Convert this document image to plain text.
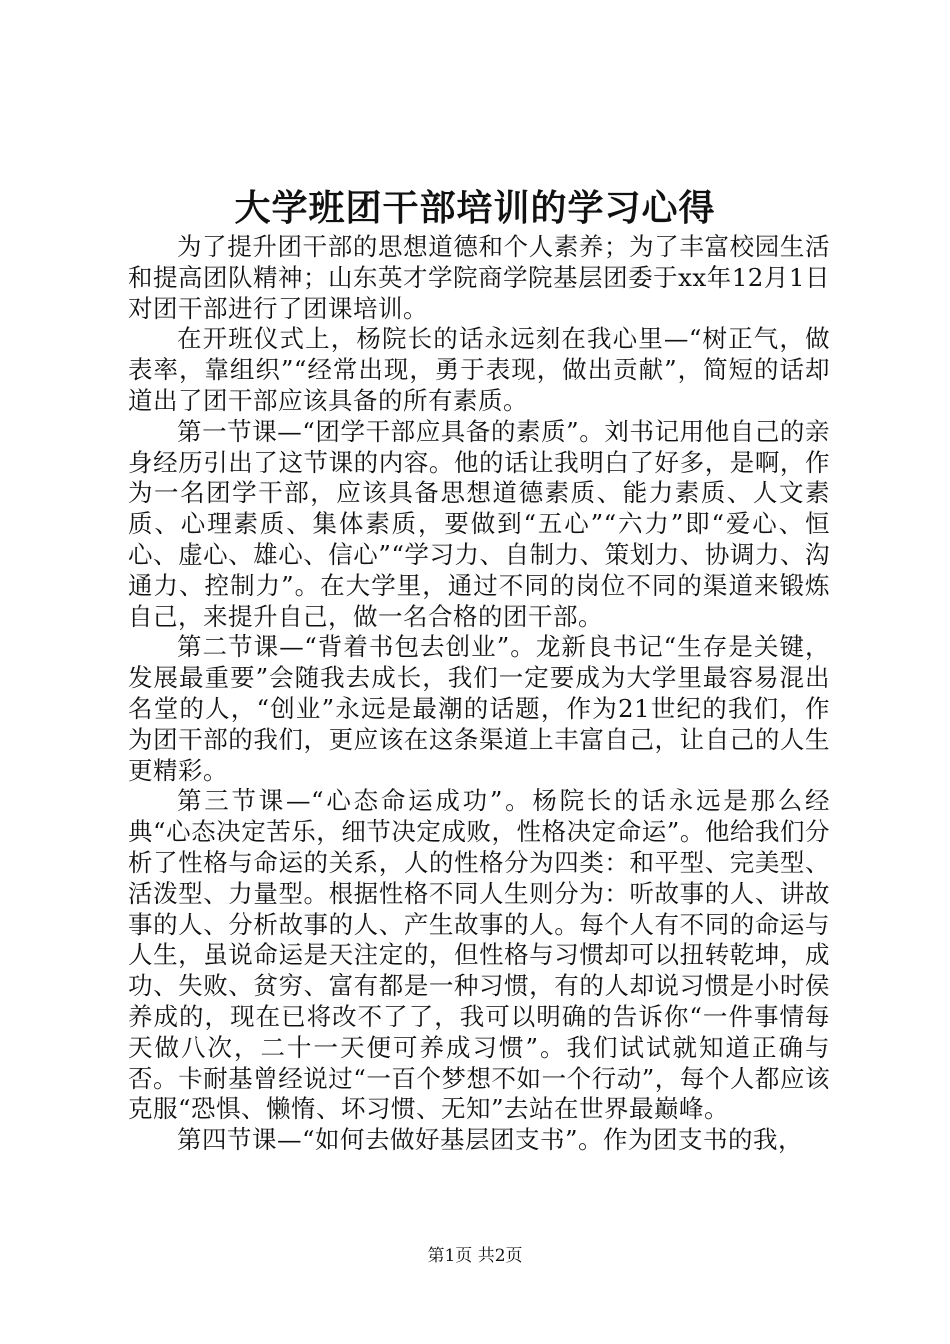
大学班团干部培训的学习心得

为了提升团干部的思想道德和个人素养；为了丰富校园生活和提高团队精神；山东英才学院商学院基层团委于xx年12月1日对团干部进行了团课培训。

在开班仪式上，杨院长的话永远刻在我心里—“树正气，做表率，靠组织”“经常出现，勇于表现，做出贡献”，简短的话却道出了团干部应该具备的所有素质。

第一节课—“团学干部应具备的素质”。刘书记用他自己的亲身经历引出了这节课的内容。他的话让我明白了好多，是啊，作为一名团学干部，应该具备思想道德素质、能力素质、人文素质、心理素质、集体素质，要做到“五心”“六力”即“爱心、恒心、虚心、雄心、信心”“学习力、自制力、策划力、协调力、沟通力、控制力”。在大学里，通过不同的岗位不同的渠道来锻炼自己，来提升自己，做一名合格的团干部。

第二节课—“背着书包去创业”。龙新良书记“生存是关键，发展最重要”会随我去成长，我们一定要成为大学里最容易混出名堂的人，“创业”永远是最潮的话题，作为21世纪的我们，作为团干部的我们，更应该在这条渠道上丰富自己，让自己的人生更精彩。

第三节课—“心态命运成功”。杨院长的话永远是那么经典“心态决定苦乐，细节决定成败，性格决定命运”。他给我们分析了性格与命运的关系，人的性格分为四类：和平型、完美型、活泼型、力量型。根据性格不同人生则分为：听故事的人、讲故事的人、分析故事的人、产生故事的人。每个人有不同的命运与人生，虽说命运是天注定的，但性格与习惯却可以扭转乾坤，成功、失败、贫穷、富有都是一种习惯，有的人却说习惯是小时侯养成的，现在已将改不了了，我可以明确的告诉你“一件事情每天做八次，二十一天便可养成习惯”。我们试试就知道正确与否。卡耐基曾经说过“一百个梦想不如一个行动”，每个人都应该克服“恐惧、懒惰、坏习惯、无知”去站在世界最巅峰。

第四节课—“如何去做好基层团支书”。作为团支书的我，

第1页 共2页
